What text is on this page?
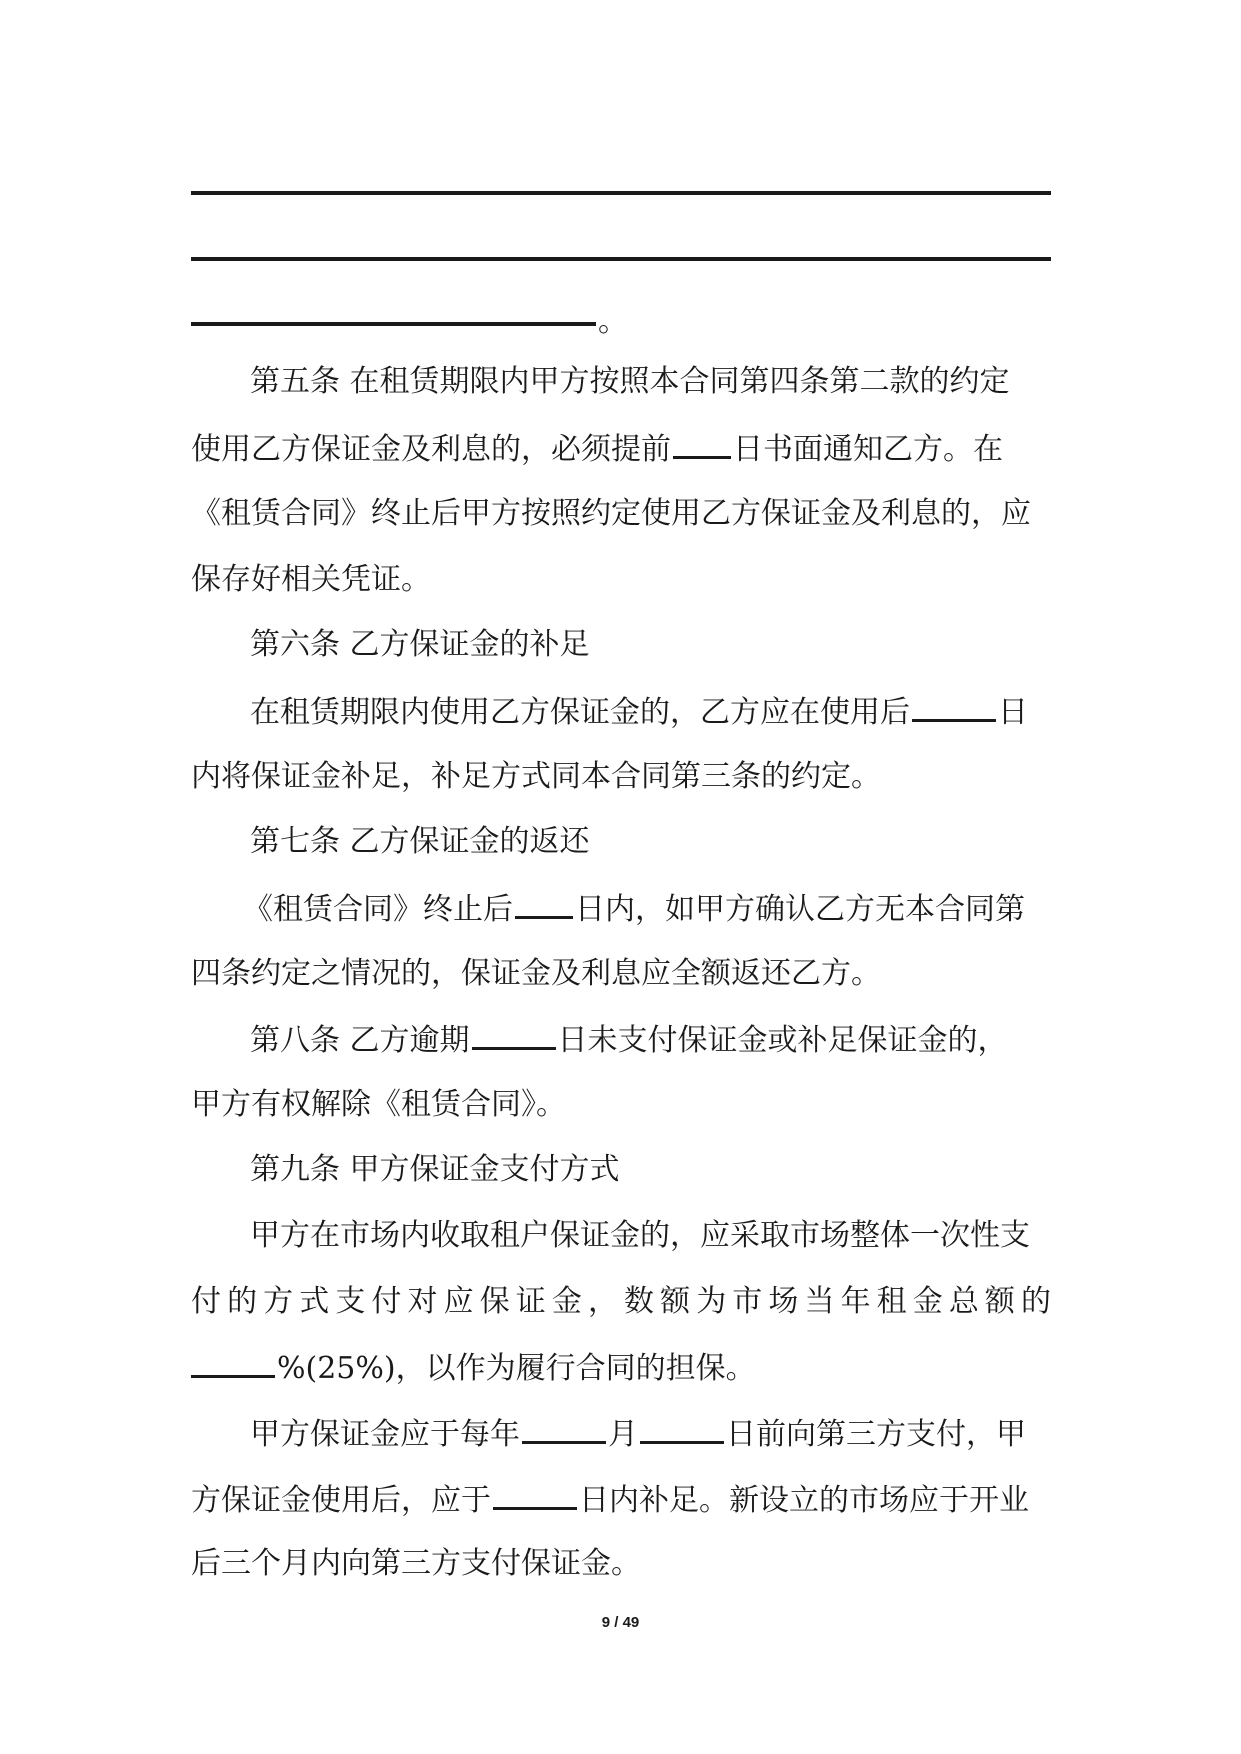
。
第五条 在租赁期限内甲方按照本合同第四条第二款的约定
使用乙方保证金及利息的，必须提前 日书面通知乙方。在
《租赁合同》终止后甲方按照约定使用乙方保证金及利息的，应
保存好相关凭证。
第六条 乙方保证金的补足
在租赁期限内使用乙方保证金的，乙方应在使用后	日
内将保证金补足，补足方式同本合同第三条的约定。
第七条 乙方保证金的返还
《租赁合同》终止后 日内，如甲方确认乙方无本合同第
四条约定之情况的，保证金及利息应全额返还乙方。
第八条 乙方逾期	日未支付保证金或补足保证金的，
甲方有权解除《租赁合同》。
第九条 甲方保证金支付方式
甲方在市场内收取租户保证金的，应采取市场整体一次性支
付的方式支付对应保证金，数额为市场当年租金总额的
%(25%)，以作为履行合同的担保。
甲方保证金应于每年	月	日前向第三方支付，甲
方保证金使用后，应于	日内补足。新设立的市场应于开业
后三个月内向第三方支付保证金。
9 / 49
